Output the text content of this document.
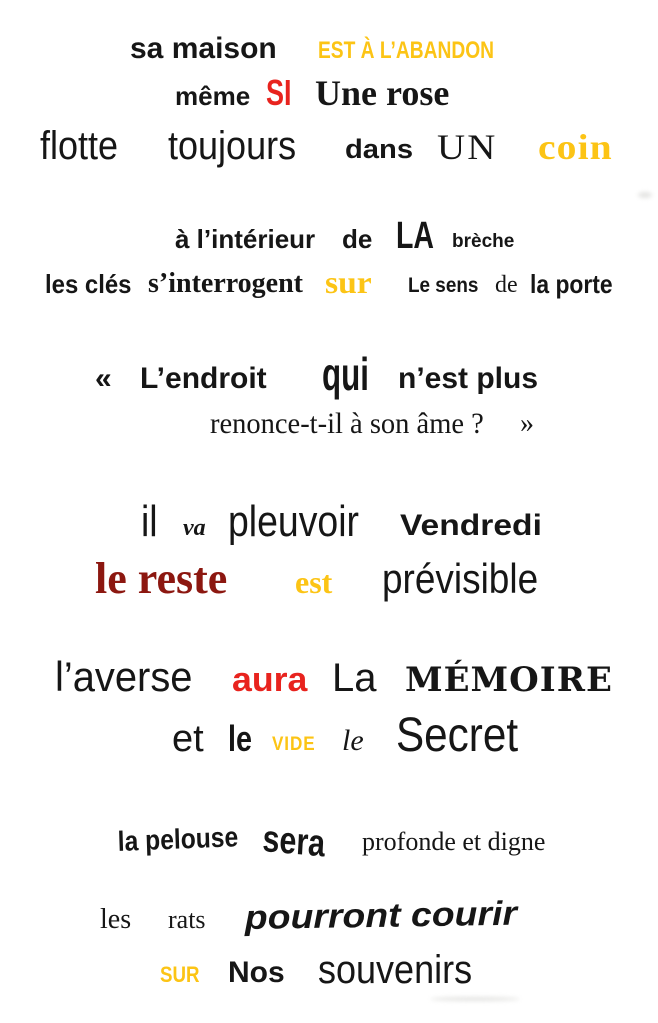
sa maison EST À L’ABANDON
même SI Une rose
flotte toujours dans UN coin
à l’intérieur de LA brèche
les clés s’interrogent sur Le sens de la porte
« L’endroit qui n’est plus
renonce-t-il à son âme ? »
il va pleuvoir Vendredi
le reste est prévisible
l’averse aura La MÉMOIRE
et le VIDE le Secret
la pelouse sera profonde et digne
les rats pourront courir
SUR Nos souvenirs
